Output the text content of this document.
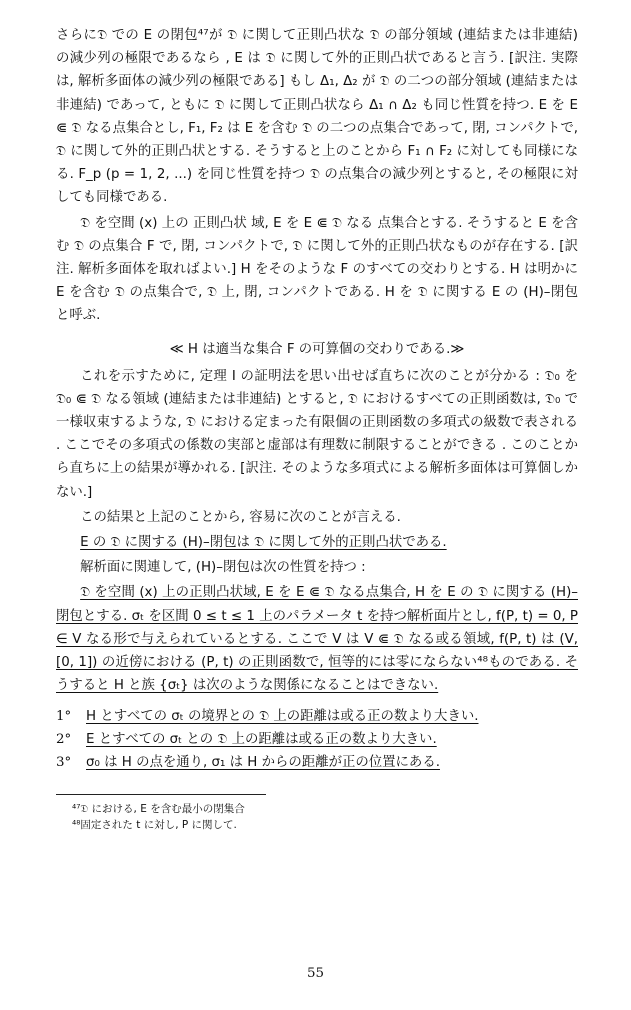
さらに𝔇 での E の閉包⁴⁷が 𝔇 に関して正則凸状な 𝔇 の部分領域 (連結または非連結) の減少列の極限であるなら , E は 𝔇 に関して外的正則凸状であると言う. [訳注. 実際は, 解析多面体の減少列の極限である] もし Δ₁, Δ₂ が 𝔇 の二つの部分領域 (連結または非連結) であって, ともに 𝔇 に関して正則凸状なら Δ₁ ∩ Δ₂ も同じ性質を持つ. E を E ⋐ 𝔇 なる点集合とし, F₁, F₂ は E を含む 𝔇 の二つの点集合であって, 閉, コンパクトで, 𝔇 に関して外的正則凸状とする. そうすると上のことから F₁ ∩ F₂ に対しても同様になる. F_p (p = 1, 2, ...) を同じ性質を持つ 𝔇 の点集合の減少列とすると, その極限に対しても同様である.

𝔇 を空間 (x) 上の 正則凸状 域, E を E ⋐ 𝔇 なる 点集合とする. そうすると E を含む 𝔇 の点集合 F で, 閉, コンパクトで, 𝔇 に関して外的正則凸状なものが存在する. [訳注. 解析多面体を取ればよい.] H をそのような F のすべての交わりとする. H は明かに E を含む 𝔇 の点集合で, 𝔇 上, 閉, コンパクトである. H を 𝔇 に関する E の (H)–閉包 と呼ぶ.

≪ H は適当な集合 F の可算個の交わりである.≫

これを示すために, 定理 I の証明法を思い出せば直ちに次のことが分かる : 𝔇₀ を 𝔇₀ ⋐ 𝔇 なる領域 (連結または非連結) とすると, 𝔇 におけるすべての正則函数は, 𝔇₀ で一様収束するような, 𝔇 における定まった有限個の正則函数の多項式の級数で表される . ここでその多項式の係数の実部と虚部は有理数に制限することができる . このことから直ちに上の結果が導かれる. [訳注. そのような多項式による解析多面体は可算個しかない.]

この結果と上記のことから, 容易に次のことが言える.

E の 𝔇 に関する (H)–閉包は 𝔇 に関して外的正則凸状である.

解析面に関連して, (H)–閉包は次の性質を持つ :

𝔇 を空間 (x) 上の正則凸状域, E を E ⋐ 𝔇 なる点集合, H を E の 𝔇 に関する (H)–閉包とする. σₜ を区間 0 ≤ t ≤ 1 上のパラメータ t を持つ解析面片とし, f(P, t) = 0, P ∈ V なる形で与えられているとする. ここで V は V ⋐ 𝔇 なる或る領域, f(P, t) は (V, [0, 1]) の近傍における (P, t) の正則函数で, 恒等的には零にならない⁴⁸ものである. そうすると H と族 {σₜ} は次のような関係になることはできない.

1°	H とすべての σₜ の境界との 𝔇 上の距離は或る正の数より大きい.
2°	E とすべての σₜ との 𝔇 上の距離は或る正の数より大きい.
3°	σ₀ は H の点を通り, σ₁ は H からの距離が正の位置にある.
⁴⁷𝔇 における, E を含む最小の閉集合
⁴⁸固定された t に対し, P に関して.
55
